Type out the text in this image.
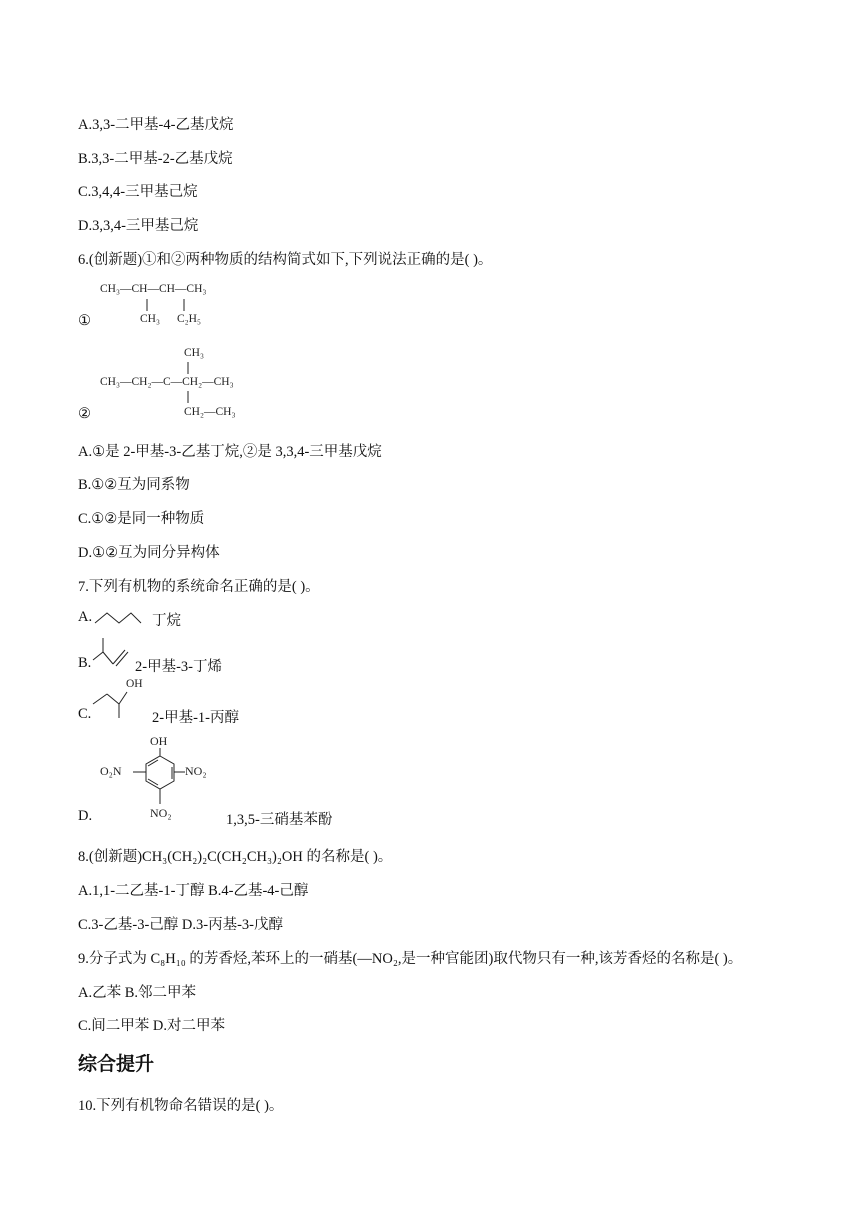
A.3,3-二甲基-4-乙基戊烷
B.3,3-二甲基-2-乙基戊烷
C.3,4,4-三甲基己烷
D.3,3,4-三甲基己烷
6.(创新题)①和②两种物质的结构简式如下,下列说法正确的是( )。
CH₃—CH—CH—CH₃
CH₃ C₂H₅
①
CH₃
CH₃—CH₂—C—CH₂—CH₃
CH₂—CH₃
②
A.①是 2-甲基-3-乙基丁烷,②是 3,3,4-三甲基戊烷
B.①②互为同系物
C.①②是同一种物质
D.①②互为同分异构体
7.下列有机物的系统命名正确的是( )。
A.	丁烷
B.	2-甲基-3-丁烯
C.
OH
2-甲基-1-丙醇
OH
O₂N	NO₂
NO₂
D.	1,3,5-三硝基苯酚
8.(创新题)CH₃(CH₂)₂C(CH₂CH₃)₂OH 的名称是( )。
A.1,1-二乙基-1-丁醇 B.4-乙基-4-己醇
C.3-乙基-3-己醇 D.3-丙基-3-戊醇
9.分子式为 C₈H₁₀ 的芳香烃,苯环上的一硝基(—NO₂,是一种官能团)取代物只有一种,该芳香烃的名称是( )。
A.乙苯 B.邻二甲苯
C.间二甲苯 D.对二甲苯
综合提升
10.下列有机物命名错误的是( )。
